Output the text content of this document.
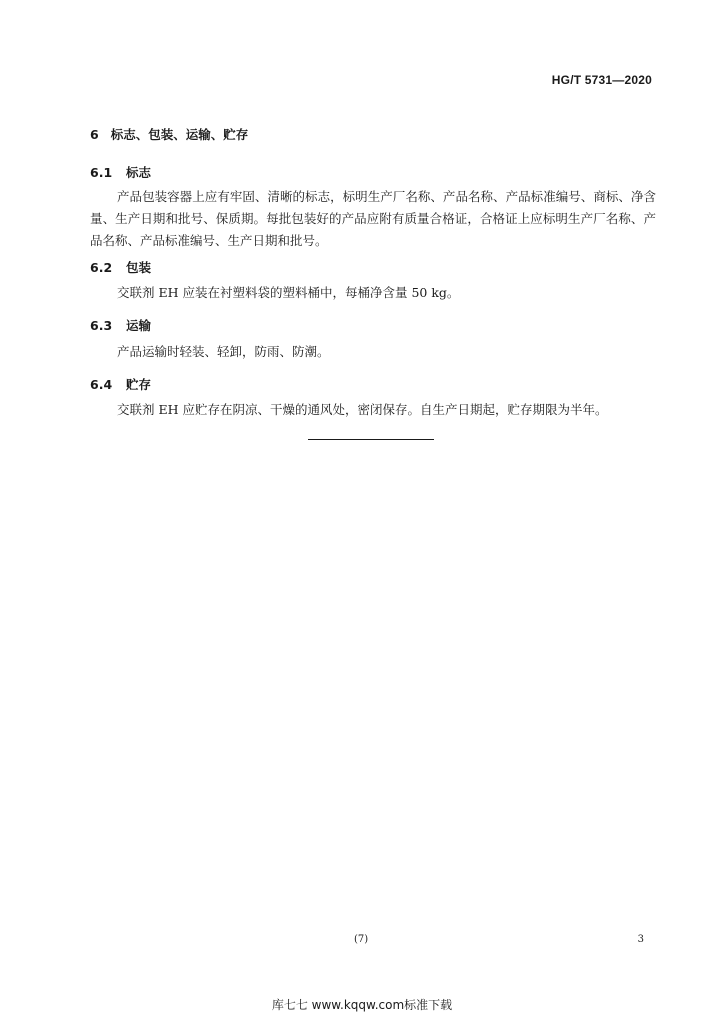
HG/T 5731—2020
6 标志、包装、运输、贮存
6.1 标志
产品包装容器上应有牢固、清晰的标志，标明生产厂名称、产品名称、产品标准编号、商标、净含量、生产日期和批号、保质期。每批包装好的产品应附有质量合格证，合格证上应标明生产厂名称、产品名称、产品标准编号、生产日期和批号。
6.2 包装
交联剂 EH 应装在衬塑料袋的塑料桶中，每桶净含量 50 kg。
6.3 运输
产品运输时轻装、轻卸，防雨、防潮。
6.4 贮存
交联剂 EH 应贮存在阴凉、干燥的通风处，密闭保存。自生产日期起，贮存期限为半年。
(7)	3
库七七 www.kqqw.com标准下载
